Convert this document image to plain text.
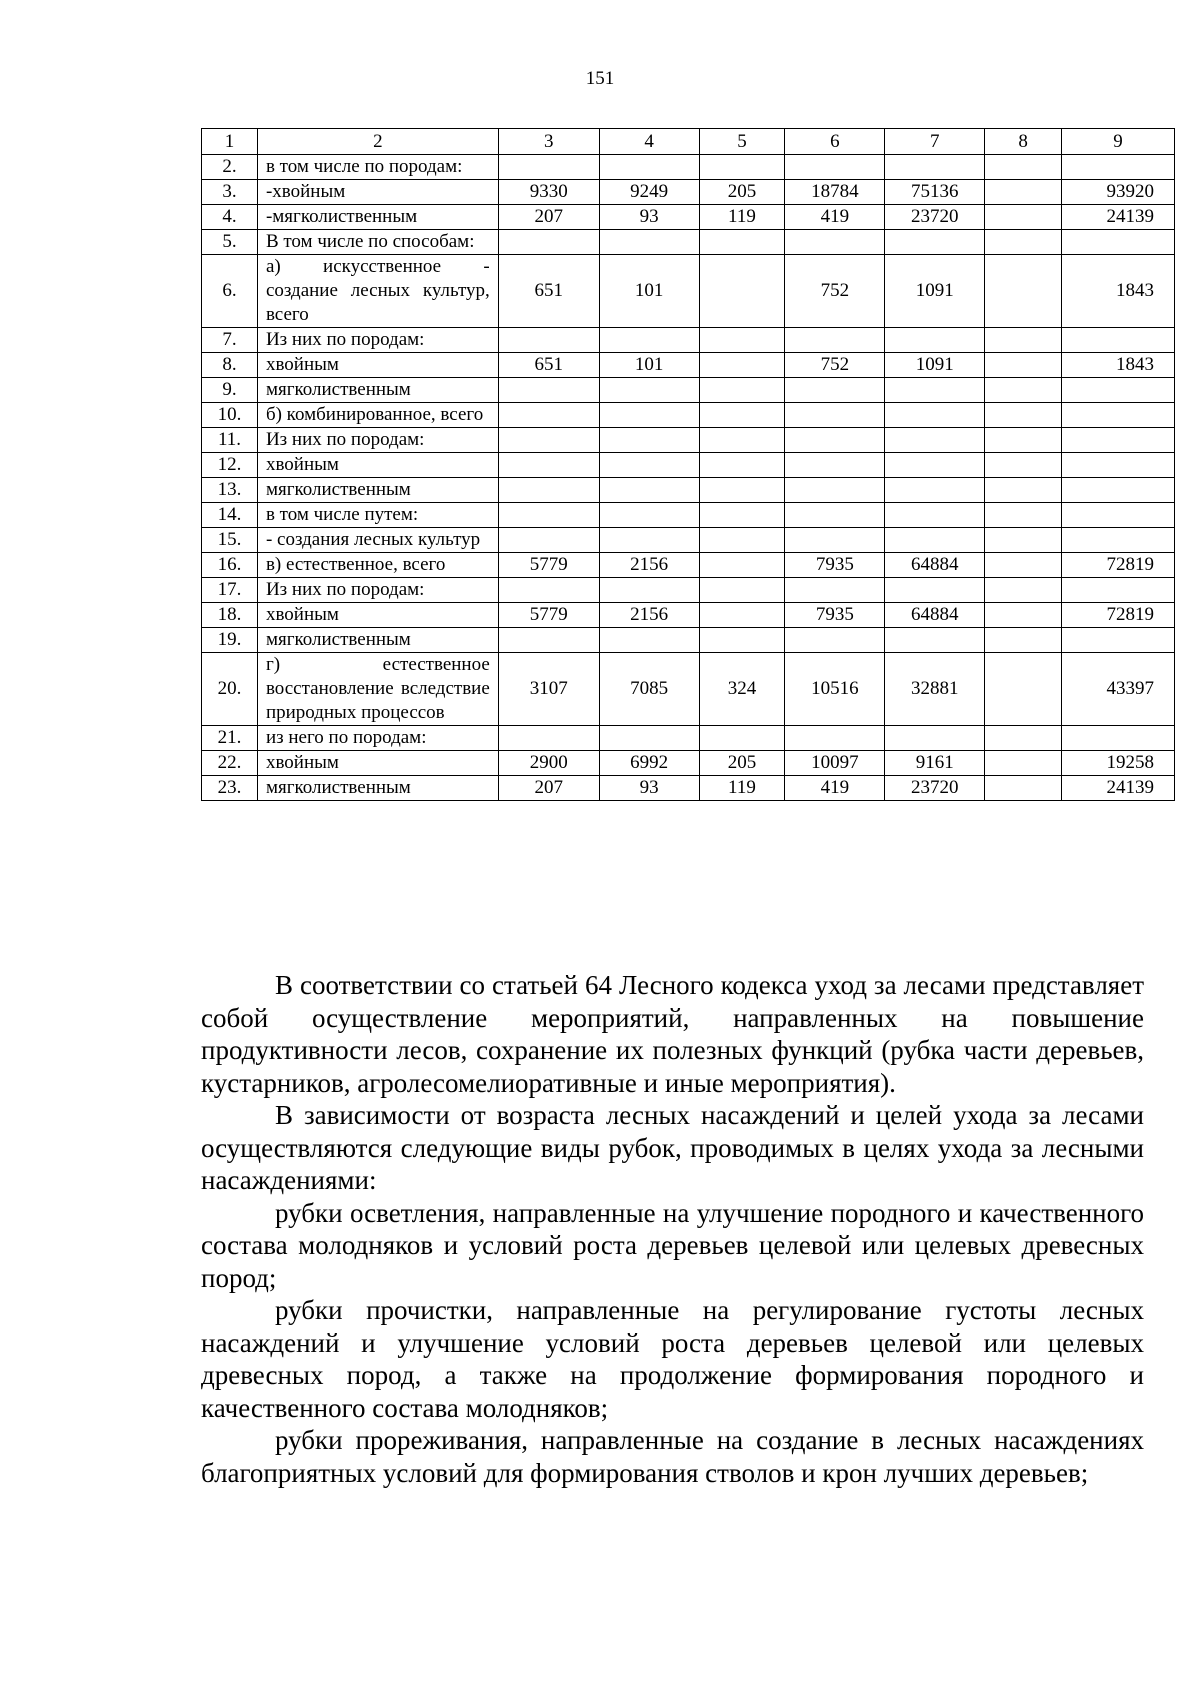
151
1	2	3	4	5	6	7	8	9
2.	в том числе по породам:							
3.	-хвойным	9330	9249	205	18784	75136		93920
4.	-мягколиственным	207	93	119	419	23720		24139
5.	В том числе по способам:							
6.	а) искусственное - создание лесных культур, всего	651	101		752	1091		1843
7.	Из них по породам:							
8.	хвойным	651	101		752	1091		1843
9.	мягколиственным							
10.	б) комбинированное, всего							
11.	Из них по породам:							
12.	хвойным							
13.	мягколиственным							
14.	в том числе путем:							
15.	- создания лесных культур							
16.	в) естественное, всего	5779	2156		7935	64884		72819
17.	Из них по породам:							
18.	хвойным	5779	2156		7935	64884		72819
19.	мягколиственным							
20.	г) естественное восстановление вследствие природных процессов	3107	7085	324	10516	32881		43397
21.	из него по породам:							
22.	хвойным	2900	6992	205	10097	9161		19258
23.	мягколиственным	207	93	119	419	23720		24139

В соответствии со статьей 64 Лесного кодекса уход за лесами представляет собой осуществление мероприятий, направленных на повышение продуктивности лесов, сохранение их полезных функций (рубка части деревьев, кустарников, агролесомелиоративные и иные мероприятия).

В зависимости от возраста лесных насаждений и целей ухода за лесами осуществляются следующие виды рубок, проводимых в целях ухода за лесными насаждениями:

рубки осветления, направленные на улучшение породного и качественного состава молодняков и условий роста деревьев целевой или целевых древесных пород;

рубки прочистки, направленные на регулирование густоты лесных насаждений и улучшение условий роста деревьев целевой или целевых древесных пород, а также на продолжение формирования породного и качественного состава молодняков;

рубки прореживания, направленные на создание в лесных насаждениях благоприятных условий для формирования стволов и крон лучших деревьев;
